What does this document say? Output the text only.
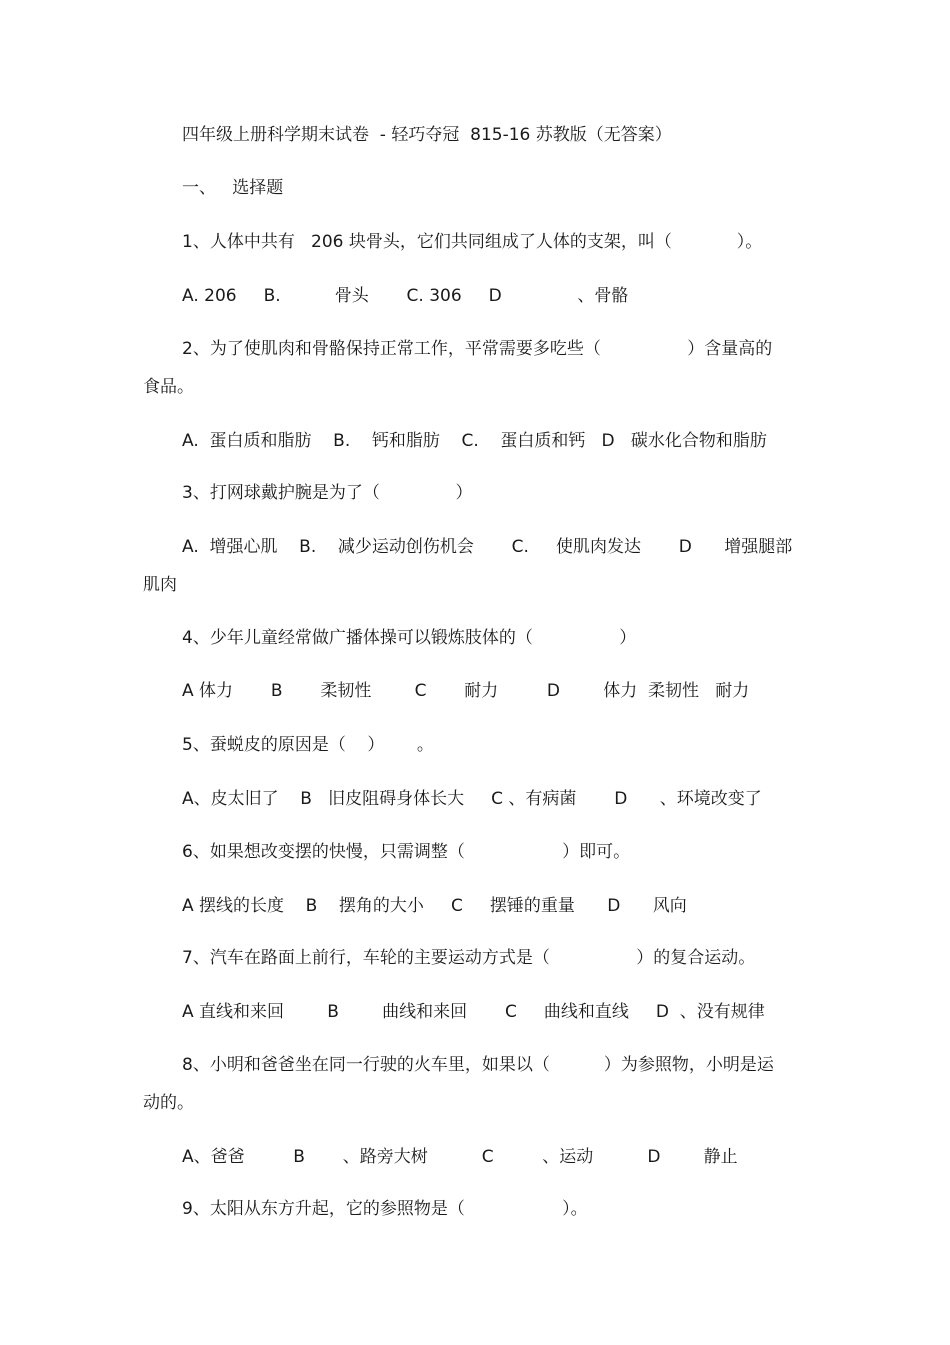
四年级上册科学期末试卷  - 轻巧夺冠  815-16 苏教版（无答案）

一、   选择题

1、人体中共有   206 块骨头，它们共同组成了人体的支架，叫（            ）。

A. 206     B.          骨头       C. 306     D              、骨骼

2、为了使肌肉和骨骼保持正常工作，平常需要多吃些（                ）含量高的

食品。

A.  蛋白质和脂肪    B.    钙和脂肪    C.    蛋白质和钙   D   碳水化合物和脂肪

3、打网球戴护腕是为了（              ）

A.  增强心肌    B.    减少运动创伤机会       C.     使肌肉发达       D      增强腿部

肌肉

4、少年儿童经常做广播体操可以锻炼肢体的（                ）

A 体力       B       柔韧性        C       耐力         D        体力  柔韧性   耐力

5、蚕蜕皮的原因是（    ）      。

A、皮太旧了    B   旧皮阻碍身体长大     C 、有病菌       D      、环境改变了

6、如果想改变摆的快慢，只需调整（                  ）即可。

A 摆线的长度    B    摆角的大小     C     摆锤的重量      D      风向

7、汽车在路面上前行，车轮的主要运动方式是（                ）的复合运动。

A 直线和来回        B        曲线和来回       C     曲线和直线     D  、没有规律

8、小明和爸爸坐在同一行驶的火车里，如果以（          ）为参照物，小明是运

动的。

A、爸爸         B       、路旁大树          C         、运动          D        静止

9、太阳从东方升起，它的参照物是（                  ）。
